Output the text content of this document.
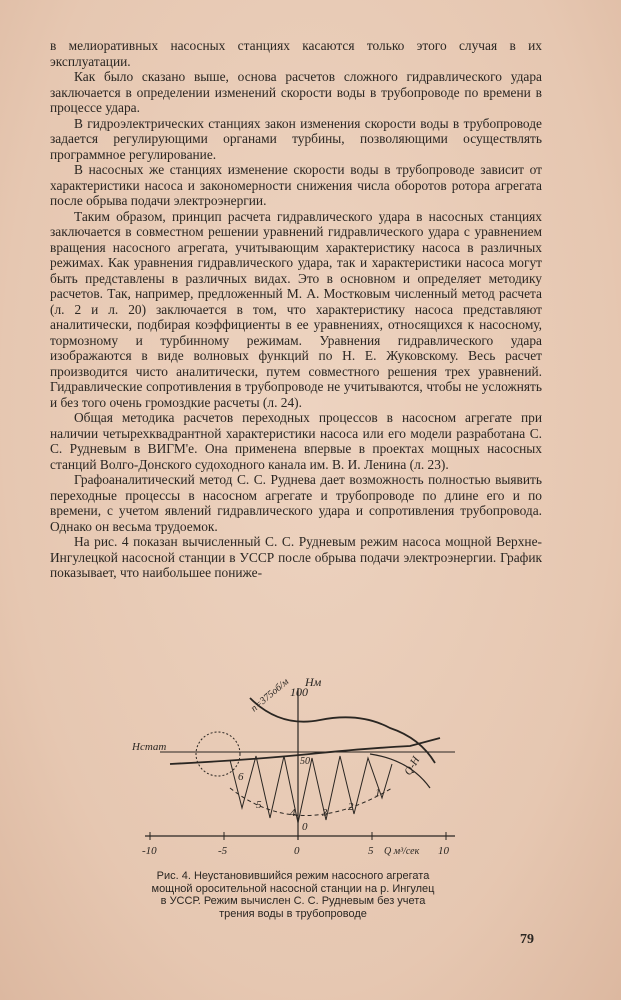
в мелиоративных насосных станциях касаются только этого случая в их эксплуатации.

Как было сказано выше, основа расчетов сложного гидравлического удара заключается в определении изменений скорости воды в трубопроводе по времени в процессе удара.

В гидроэлектрических станциях закон изменения скорости воды в трубопроводе задается регулирующими органами турбины, позволяющими осуществлять программное регулирование.

В насосных же станциях изменение скорости воды в трубопроводе зависит от характеристики насоса и закономерности снижения числа оборотов ротора агрегата после обрыва подачи электроэнергии.

Таким образом, принцип расчета гидравлического удара в насосных станциях заключается в совместном решении уравнений гидравлического удара с уравнением вращения насосного агрегата, учитывающим характеристику насоса в различных режимах. Как уравнения гидравлического удара, так и характеристики насоса могут быть представлены в различных видах. Это в основном и определяет методику расчетов. Так, например, предложенный М. А. Мостковым численный метод расчета (л. 2 и л. 20) заключается в том, что характеристику насоса представляют аналитически, подбирая коэффициенты в ее уравнениях, относящихся к насосному, тормозному и турбинному режимам. Уравнения гидравлического удара изображаются в виде волновых функций по Н. Е. Жуковскому. Весь расчет производится чисто аналитически, путем совместного решения трех уравнений. Гидравлические сопротивления в трубопроводе не учитываются, чтобы не усложнять и без того очень громоздкие расчеты (л. 24).

Общая методика расчетов переходных процессов в насосном агрегате при наличии четырехквадрантной характеристики насоса или его модели разработана С. С. Рудневым в ВИГМ'е. Она применена впервые в проектах мощных насосных станций Волго-Донского судоходного канала им. В. И. Ленина (л. 23).

Графоаналитический метод С. С. Руднева дает возможность полностью выявить переходные процессы в насосном агрегате и трубопроводе по длине его и по времени, с учетом явлений гидравлического удара и сопротивления трубопровода. Однако он весьма трудоемок.

На рис. 4 показан вычисленный С. С. Рудневым режим насоса мощной Верхне-Ингулецкой насосной станции в УССР после обрыва подачи электроэнергии. График показывает, что наибольшее пониже-

100
Hм
Hстат
n=375об/м
Q-H
50
6
5
4 3 2
1
0
-10	-5	0	5	10
Q м³/сек
Рис. 4. Неустановившийся режим насосного агрегата
мощной оросительной насосной станции на р. Ингулец
в УССР. Режим вычислен С. С. Рудневым без учета
трения воды в трубопроводе
79
